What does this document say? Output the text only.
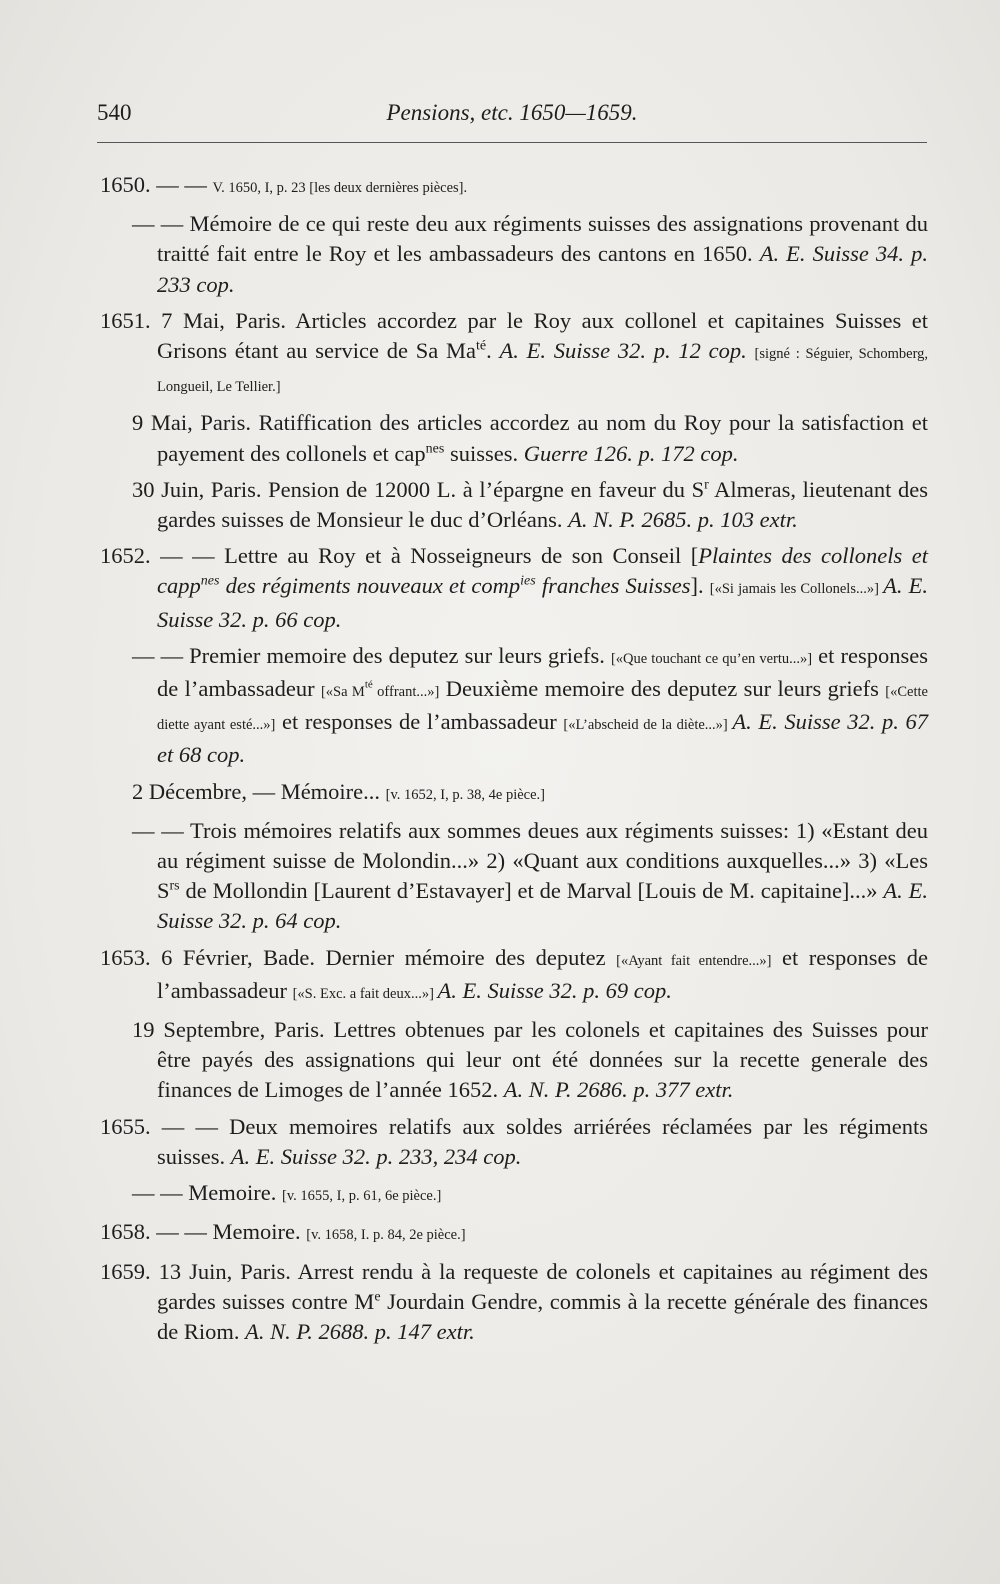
540	Pensions, etc. 1650—1659.
1650. — — V. 1650, I, p. 23 [les deux dernières pièces].
— — Mémoire de ce qui reste deu aux régiments suisses des assignations provenant du traitté fait entre le Roy et les ambassadeurs des cantons en 1650. A. E. Suisse 34. p. 233 cop.
1651. 7 Mai, Paris. Articles accordez par le Roy aux collonel et capitaines Suisses et Grisons étant au service de Sa $Ma^{té}$. A. E. Suisse 32. p. 12 cop. [signé : Séguier, Schomberg, Longueil, Le Tellier.]
9 Mai, Paris. Ratiffication des articles accordez au nom du Roy pour la satisfaction et payement des collonels et cap$^{nes}$ suisses. Guerre 126. p. 172 cop.
30 Juin, Paris. Pension de 12000 L. à l’épargne en faveur du $S^r$ Almeras, lieutenant des gardes suisses de Monsieur le duc d’Orléans. A. N. P. 2685. p. 103 extr.
1652. — — Lettre au Roy et à Nosseigneurs de son Conseil [Plaintes des collonels et capp$^{nes}$ des régiments nouveaux et comp$^{ies}$ franches Suisses]. [«Si jamais les Collonels...»] A. E. Suisse 32. p. 66 cop.
— — Premier memoire des deputez sur leurs griefs. [«Que touchant ce qu’en vertu...»] et responses de l’ambassadeur [«Sa $M^{té}$ offrant...»] Deuxième memoire des deputez sur leurs griefs [«Cette diette ayant esté...»] et responses de l’ambassadeur [«L’abscheid de la diète...»] A. E. Suisse 32. p. 67 et 68 cop.
2 Décembre, — Mémoire... [v. 1652, I, p. 38, 4e pièce.]
— — Trois mémoires relatifs aux sommes deues aux régiments suisses: 1) «Estant deu au régiment suisse de Molondin...» 2) «Quant aux conditions auxquelles...» 3) «Les $S^{rs}$ de Mollondin [Laurent d’Estavayer] et de Marval [Louis de M. capitaine]...» A. E. Suisse 32. p. 64 cop.
1653. 6 Février, Bade. Dernier mémoire des deputez [«Ayant fait entendre...»] et responses de l’ambassadeur [«S. Exc. a fait deux...»] A. E. Suisse 32. p. 69 cop.
19 Septembre, Paris. Lettres obtenues par les colonels et capitaines des Suisses pour être payés des assignations qui leur ont été données sur la recette generale des finances de Limoges de l’année 1652. A. N. P. 2686. p. 377 extr.
1655. — — Deux memoires relatifs aux soldes arriérées réclamées par les régiments suisses. A. E. Suisse 32. p. 233, 234 cop.
— — Memoire. [v. 1655, I, p. 61, 6e pièce.]
1658. — — Memoire. [v. 1658, I. p. 84, 2e pièce.]
1659. 13 Juin, Paris. Arrest rendu à la requeste de colonels et capitaines au régiment des gardes suisses contre Me Jourdain Gendre, commis à la recette générale des finances de Riom. A. N. P. 2688. p. 147 extr.
